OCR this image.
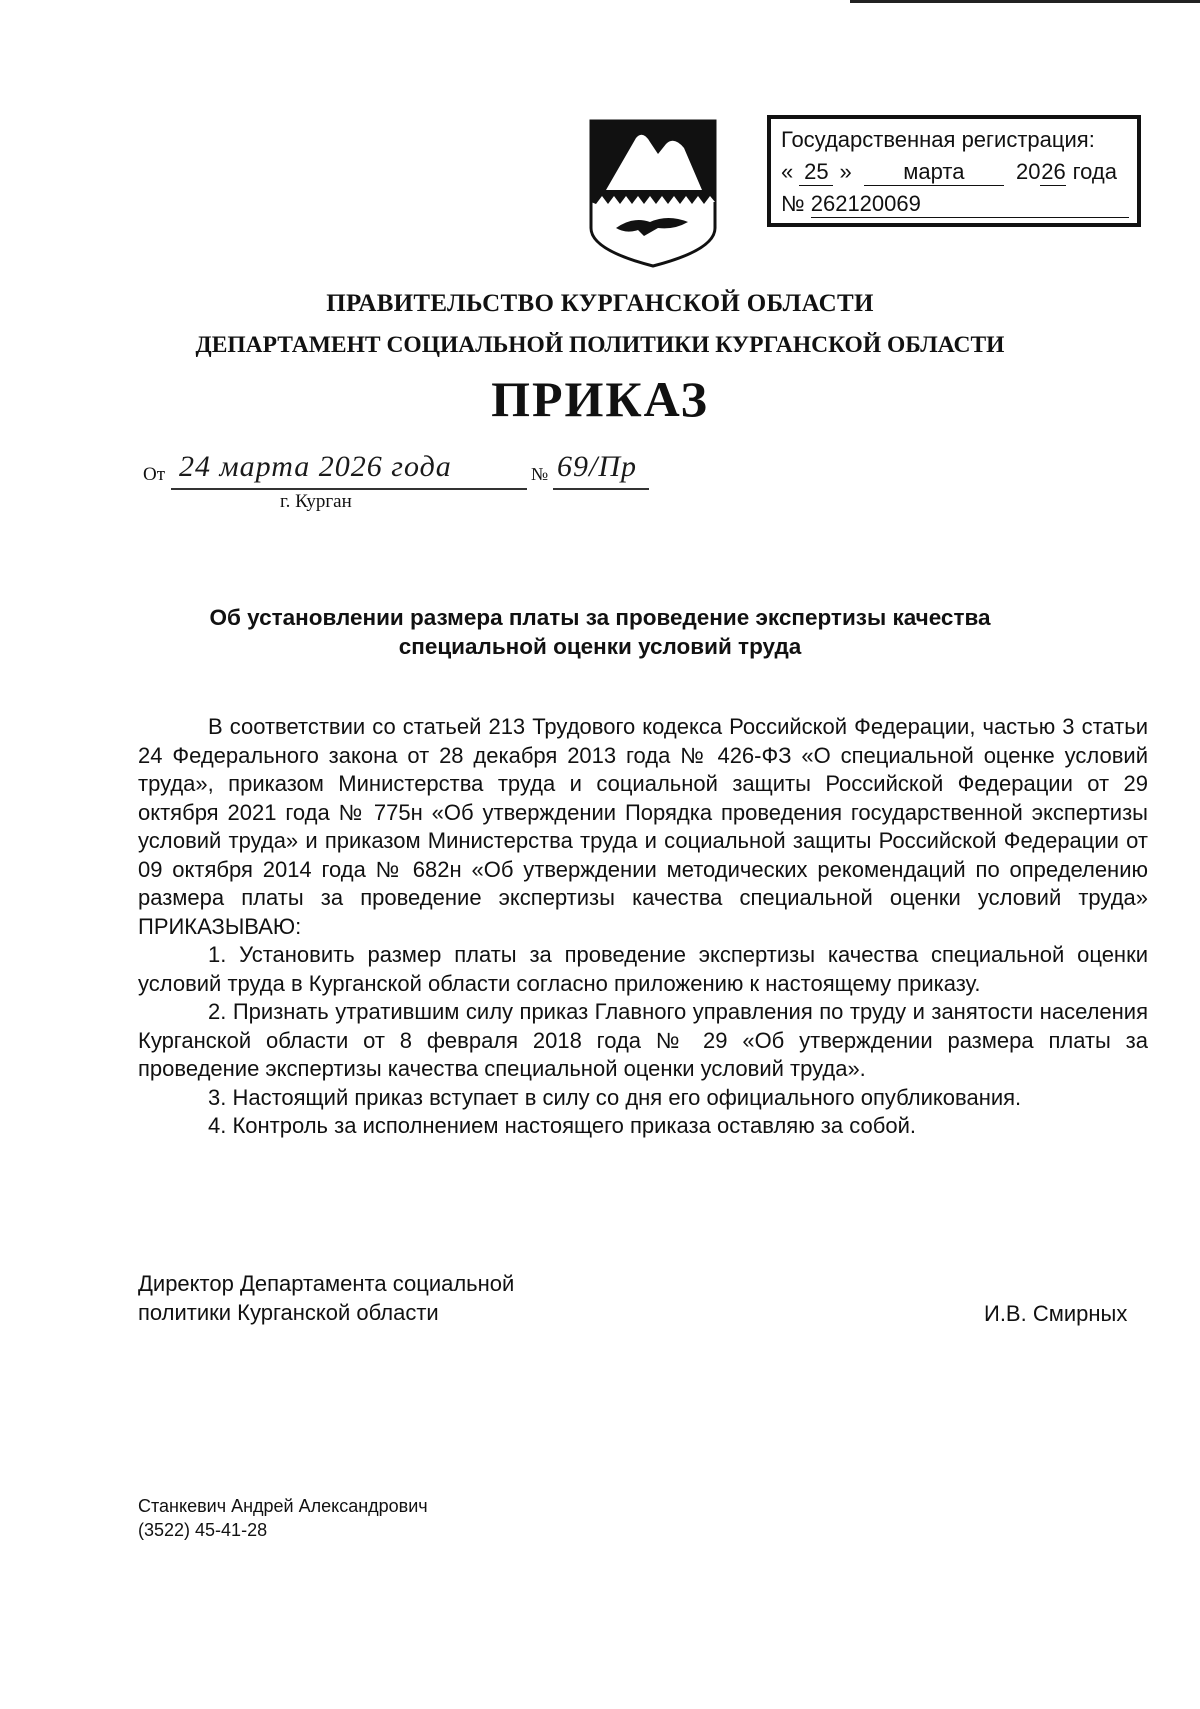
Государственная регистрация:
« 25 » марта 2026 года
№ 262120069
ПРАВИТЕЛЬСТВО КУРГАНСКОЙ ОБЛАСТИ
ДЕПАРТАМЕНТ СОЦИАЛЬНОЙ ПОЛИТИКИ КУРГАНСКОЙ ОБЛАСТИ
ПРИКАЗ
От 24 марта 2026 года	№ 69/Пр
г. Курган
Об установлении размера платы за проведение экспертизы качества специальной оценки условий труда

В соответствии со статьей 213 Трудового кодекса Российской Федерации, частью 3 статьи 24 Федерального закона от 28 декабря 2013 года № 426-ФЗ «О специальной оценке условий труда», приказом Министерства труда и социальной защиты Российской Федерации от 29 октября 2021 года № 775н «Об утверждении Порядка проведения государственной экспертизы условий труда» и приказом Министерства труда и социальной защиты Российской Федерации от 09 октября 2014 года № 682н «Об утверждении методических рекомендаций по определению размера платы за проведение экспертизы качества специальной оценки условий труда» ПРИКАЗЫВАЮ:

1. Установить размер платы за проведение экспертизы качества специальной оценки условий труда в Курганской области согласно приложению к настоящему приказу.

2. Признать утратившим силу приказ Главного управления по труду и занятости населения Курганской области от 8 февраля 2018 года № 29 «Об утверждении размера платы за проведение экспертизы качества специальной оценки условий труда».

3. Настоящий приказ вступает в силу со дня его официального опубликования.

4. Контроль за исполнением настоящего приказа оставляю за собой.

Директор Департамента социальной
политики Курганской области	И.В. Смирных
Станкевич Андрей Александрович
(3522) 45-41-28
